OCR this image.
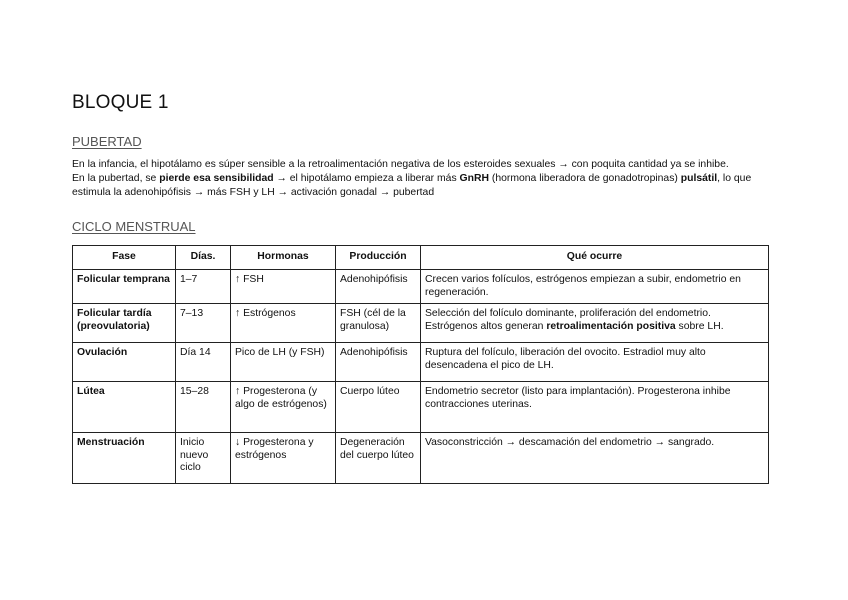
BLOQUE 1
PUBERTAD

En la infancia, el hipotálamo es súper sensible a la retroalimentación negativa de los esteroides sexuales → con poquita cantidad ya se inhibe.

En la pubertad, se pierde esa sensibilidad → el hipotálamo empieza a liberar más GnRH (hormona liberadora de gonadotropinas) pulsátil, lo que estimula la adenohipófisis → más FSH y LH → activación gonadal → pubertad

CICLO MENSTRUAL
Fase	Días.	Hormonas	Producción	Qué ocurre
Folicular temprana	1–7	↑ FSH	Adenohipófisis	Crecen varios folículos, estrógenos empiezan a subir, endometrio en regeneración.
Folicular tardía (preovulatoria)	7–13	↑ Estrógenos	FSH (cél de la granulosa)	Selección del folículo dominante, proliferación del endometrio. Estrógenos altos generan retroalimentación positiva sobre LH.
Ovulación	Día 14	Pico de LH (y FSH)	Adenohipófisis	Ruptura del folículo, liberación del ovocito. Estradiol muy alto desencadena el pico de LH.
Lútea	15–28	↑ Progesterona (y algo de estrógenos)	Cuerpo lúteo	Endometrio secretor (listo para implantación). Progesterona inhibe contracciones uterinas.
Menstruación	Inicio nuevo ciclo	↓ Progesterona y estrógenos	Degeneración del cuerpo lúteo	Vasoconstricción → descamación del endometrio → sangrado.
